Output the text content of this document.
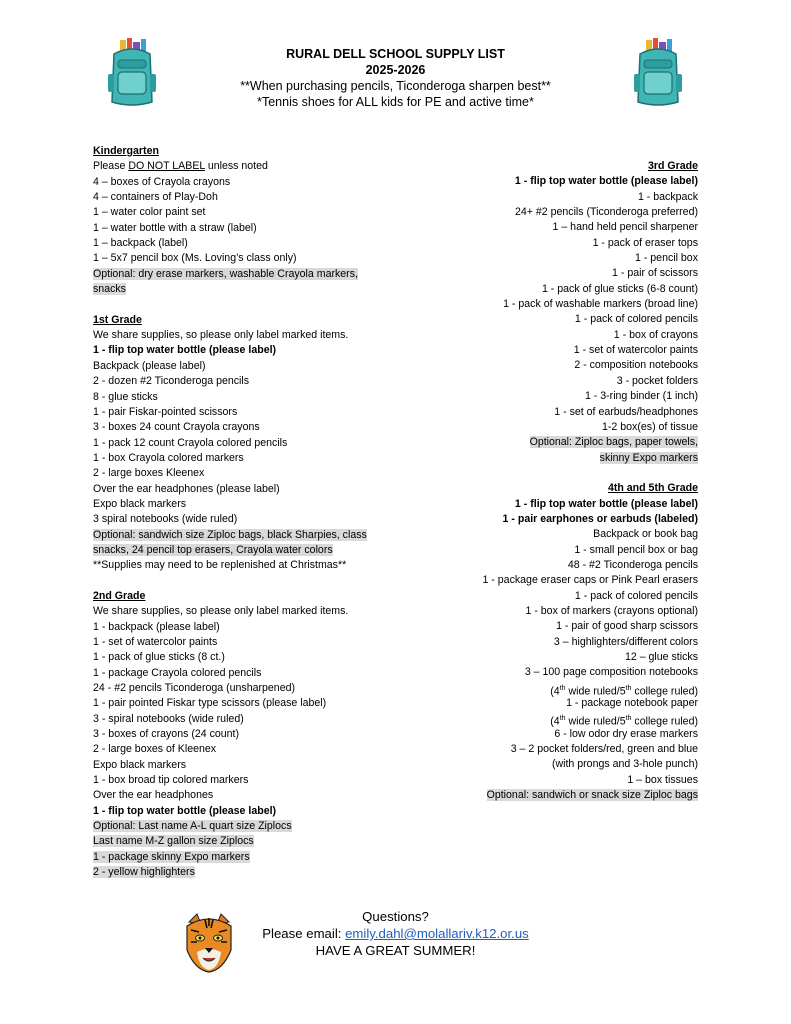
RURAL DELL SCHOOL SUPPLY LIST
2025-2026
**When purchasing pencils, Ticonderoga sharpen best**
*Tennis shoes for ALL kids for PE and active time*
Kindergarten
Please DO NOT LABEL unless noted
4 – boxes of Crayola crayons
4 – containers of Play-Doh
1 – water color paint set
1 – water bottle with a straw (label)
1 – backpack (label)
1 – 5x7 pencil box (Ms. Loving’s class only)
Optional: dry erase markers, washable Crayola markers,
snacks
1st Grade
We share supplies, so please only label marked items.
1 - flip top water bottle (please label)
Backpack (please label)
2 - dozen #2 Ticonderoga pencils
8 - glue sticks
1 - pair Fiskar-pointed scissors
3 - boxes 24 count Crayola crayons
1 - pack 12 count Crayola colored pencils
1 - box Crayola colored markers
2 - large boxes Kleenex
Over the ear headphones (please label)
Expo black markers
3 spiral notebooks (wide ruled)
Optional: sandwich size Ziploc bags, black Sharpies, class
snacks, 24 pencil top erasers, Crayola water colors
**Supplies may need to be replenished at Christmas**
2nd Grade
We share supplies, so please only label marked items.
1 - backpack (please label)
1 - set of watercolor paints
1 - pack of glue sticks (8 ct.)
1 - package Crayola colored pencils
24 - #2 pencils Ticonderoga (unsharpened)
1 - pair pointed Fiskar type scissors (please label)
3 - spiral notebooks (wide ruled)
3 - boxes of crayons (24 count)
2 - large boxes of Kleenex
Expo black markers
1 - box broad tip colored markers
Over the ear headphones
1 - flip top water bottle (please label)
Optional: Last name A-L quart size Ziplocs
Last name M-Z gallon size Ziplocs
1 - package skinny Expo markers
2 - yellow highlighters
3rd Grade
1 - flip top water bottle (please label)
1 - backpack
24+ #2 pencils (Ticonderoga preferred)
1 – hand held pencil sharpener
1 - pack of eraser tops
1 - pencil box
1 - pair of scissors
1 - pack of glue sticks (6-8 count)
1 - pack of washable markers (broad line)
1 - pack of colored pencils
1 - box of crayons
1 - set of watercolor paints
2 - composition notebooks
3 - pocket folders
1 - 3-ring binder (1 inch)
1 - set of earbuds/headphones
1-2 box(es) of tissue
Optional: Ziploc bags, paper towels,
skinny Expo markers
4th and 5th Grade
1 - flip top water bottle (please label)
1 - pair earphones or earbuds (labeled)
Backpack or book bag
1 - small pencil box or bag
48 - #2 Ticonderoga pencils
1 - package eraser caps or Pink Pearl erasers
1 - pack of colored pencils
1 - box of markers (crayons optional)
1 - pair of good sharp scissors
3 – highlighters/different colors
12 – glue sticks
3 – 100 page composition notebooks
(4th wide ruled/5th college ruled)
1 - package notebook paper
(4th wide ruled/5th college ruled)
6 - low odor dry erase markers
3 – 2 pocket folders/red, green and blue
(with prongs and 3-hole punch)
1 – box tissues
Optional: sandwich or snack size Ziploc bags
Questions?
Please email: emily.dahl@molallariv.k12.or.us
HAVE A GREAT SUMMER!
